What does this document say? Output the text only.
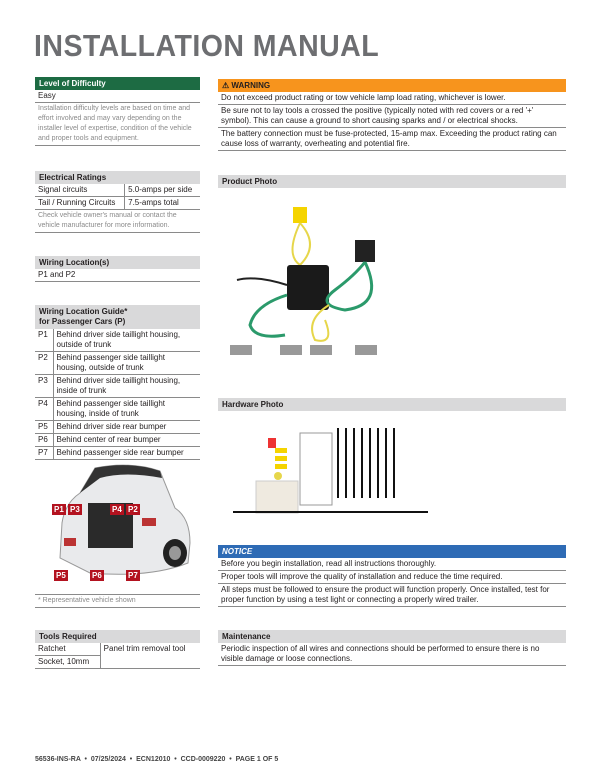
INSTALLATION MANUAL
Level of Difficulty
Easy
Installation difficulty levels are based on time and effort involved and may vary depending on the installer level of expertise, condition of the vehicle and proper tools and equipment.
Electrical Ratings
Signal circuits	5.0-amps per side
Tail / Running Circuits	7.5-amps total
Check vehicle owner's manual or contact the vehicle manufacturer for more information.
Wiring Location(s)
P1 and P2
Wiring Location Guide*
for Passenger Cars (P)
P1	Behind driver side taillight housing, outside of trunk
P2	Behind passenger side taillight housing, outside of trunk
P3	Behind driver side taillight housing, inside of trunk
P4	Behind passenger side taillight housing, inside of trunk
P5	Behind driver side rear bumper
P6	Behind center of rear bumper
P7	Behind passenger side rear bumper
P1 P3	P4 P2
P5	P6	P7
* Representative vehicle shown
Tools Required
Ratchet	Panel trim removal tool
Socket, 10mm
⚠ WARNING
Do not exceed product rating or tow vehicle lamp load rating, whichever is lower.
Be sure not to lay tools a crossed the positive (typically noted with red covers or a red '+' symbol). This can cause a ground to short causing sparks and / or electrical shocks.
The battery connection must be fuse-protected, 15-amp max. Exceeding the product rating can cause loss of warranty, overheating and potential fire.
Product Photo
Hardware Photo
NOTICE
Before you begin installation, read all instructions thoroughly.
Proper tools will improve the quality of installation and reduce the time required.
All steps must be followed to ensure the product will function properly. Once installed, test for proper function by using a test light or connecting a properly wired trailer.
Maintenance
Periodic inspection of all wires and connections should be performed to ensure there is no visible damage or loose connections.
56536-INS-RA  •  07/25/2024  •  ECN12010  •  CCD-0009220  •  PAGE 1 OF 5
